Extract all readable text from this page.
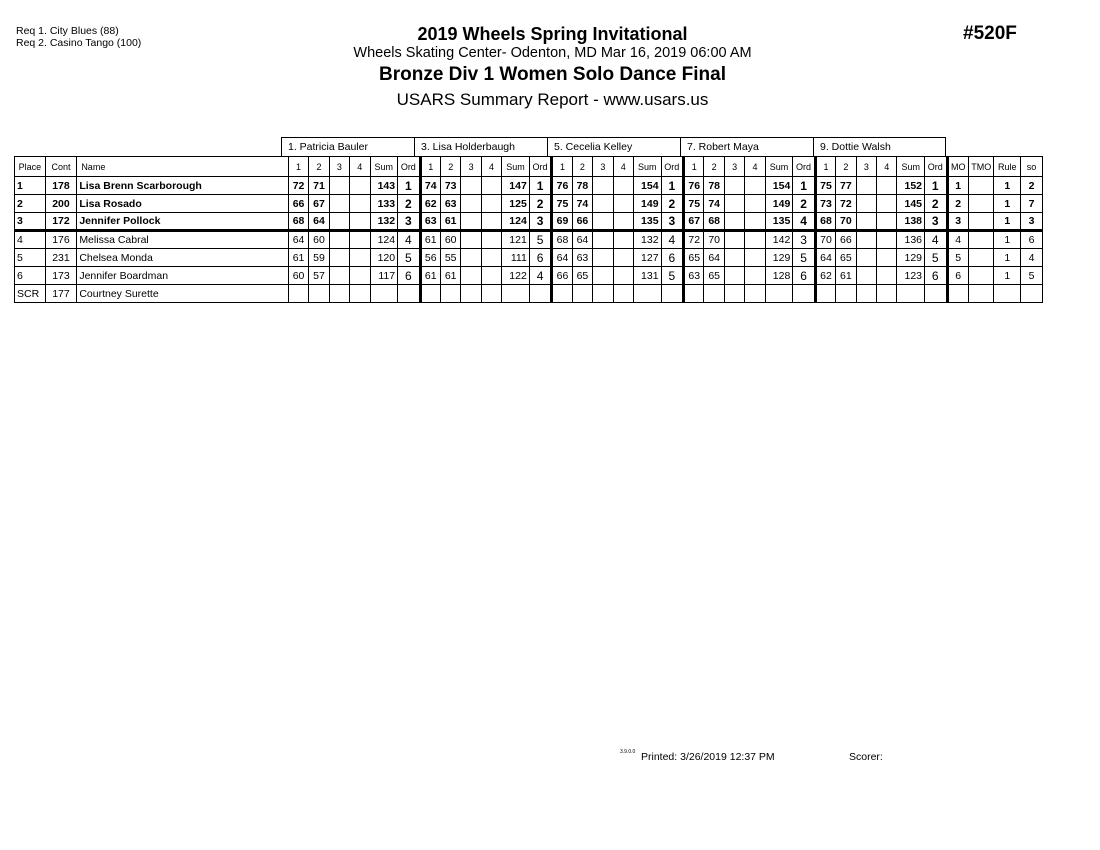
Req 1. City Blues (88)
Req 2. Casino Tango (100)	2019 Wheels Spring Invitational
Wheels Skating Center- Odenton, MD Mar 16, 2019 06:00 AM
Bronze Div 1 Women Solo Dance Final
USARS Summary Report - www.usars.us
#520F
1. Patricia Bauler	3. Lisa Holderbaugh	5. Cecelia Kelley	7. Robert Maya	9. Dottie Walsh
Place	Cont	Name	1	2	3	4	Sum	Ord	1	2	3	4	Sum	Ord	1	2	3	4	Sum	Ord	1	2	3	4	Sum	Ord	1	2	3	4	Sum	Ord	MO	TMO	Rule	so
1	178	Lisa Brenn Scarborough	72	71			143	1	74	73			147	1	76	78			154	1	76	78			154	1	75	77			152	1	1		1	2
2	200	Lisa Rosado	66	67			133	2	62	63			125	2	75	74			149	2	75	74			149	2	73	72			145	2	2		1	7
3	172	Jennifer Pollock	68	64			132	3	63	61			124	3	69	66			135	3	67	68			135	4	68	70			138	3	3		1	3
4	176	Melissa Cabral	64	60			124	4	61	60			121	5	68	64			132	4	72	70			142	3	70	66			136	4	4		1	6
5	231	Chelsea Monda	61	59			120	5	56	55			111	6	64	63			127	6	65	64			129	5	64	65			129	5	5		1	4
6	173	Jennifer Boardman	60	57			117	6	61	61			122	4	66	65			131	5	63	65			128	6	62	61			123	6	6		1	5
SCR	177	Courtney Surette																																		
3.9.0.0 Printed: 3/26/2019 12:37 PM	Scorer:
